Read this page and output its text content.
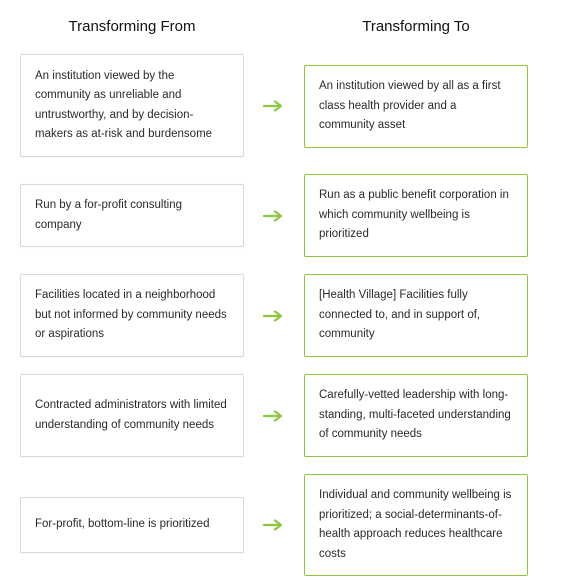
Transforming From	Transforming To
An institution viewed by the community as unreliable and untrustworthy, and by decision-makers as at-risk and burdensome
An institution viewed by all as a first class health provider and a community asset
Run by a for-profit consulting company
Run as a public benefit corporation in which community wellbeing is prioritized
Facilities located in a neighborhood but not informed by community needs or aspirations
[Health Village] Facilities fully connected to, and in support of, community
Contracted administrators with limited understanding of community needs
Carefully-vetted leadership with long-standing, multi-faceted understanding of community needs
For-profit, bottom-line is prioritized
Individual and community wellbeing is prioritized; a social-determinants-of-health approach reduces healthcare costs
